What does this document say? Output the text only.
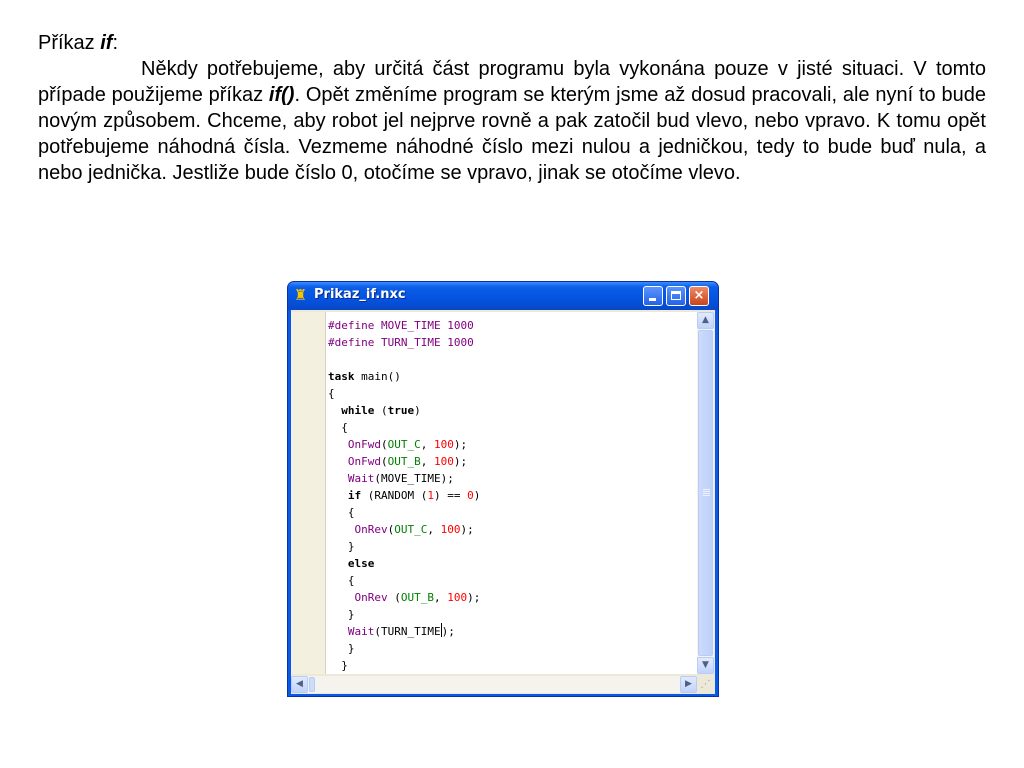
Příkaz if:
Někdy potřebujeme, aby určitá část programu byla vykonána pouze v jisté situaci. V tomto případe použijeme příkaz if(). Opět změníme program se kterým jsme až dosud pracovali, ale nyní to bude novým způsobem. Chceme, aby robot jel nejprve rovně a pak zatočil bud vlevo, nebo vpravo. K tomu opět potřebujeme náhodná čísla. Vezmeme náhodné číslo mezi nulou a jedničkou, tedy to bude buď nula, a nebo jednička. Jestliže bude číslo 0, otočíme se vpravo, jinak se otočíme vlevo.
♜ Prikaz_if.nxc	×
#define MOVE_TIME 1000
#define TURN_TIME 1000

task main()
{
while (true)
{
OnFwd(OUT_C, 100);
OnFwd(OUT_B, 100);
Wait(MOVE_TIME);
if (RANDOM (1) == 0)
{
OnRev(OUT_C, 100);
}
else
{
OnRev (OUT_B, 100);
}
Wait(TURN_TIME);
}
}
▲
▼
◀	▶ ⋰
